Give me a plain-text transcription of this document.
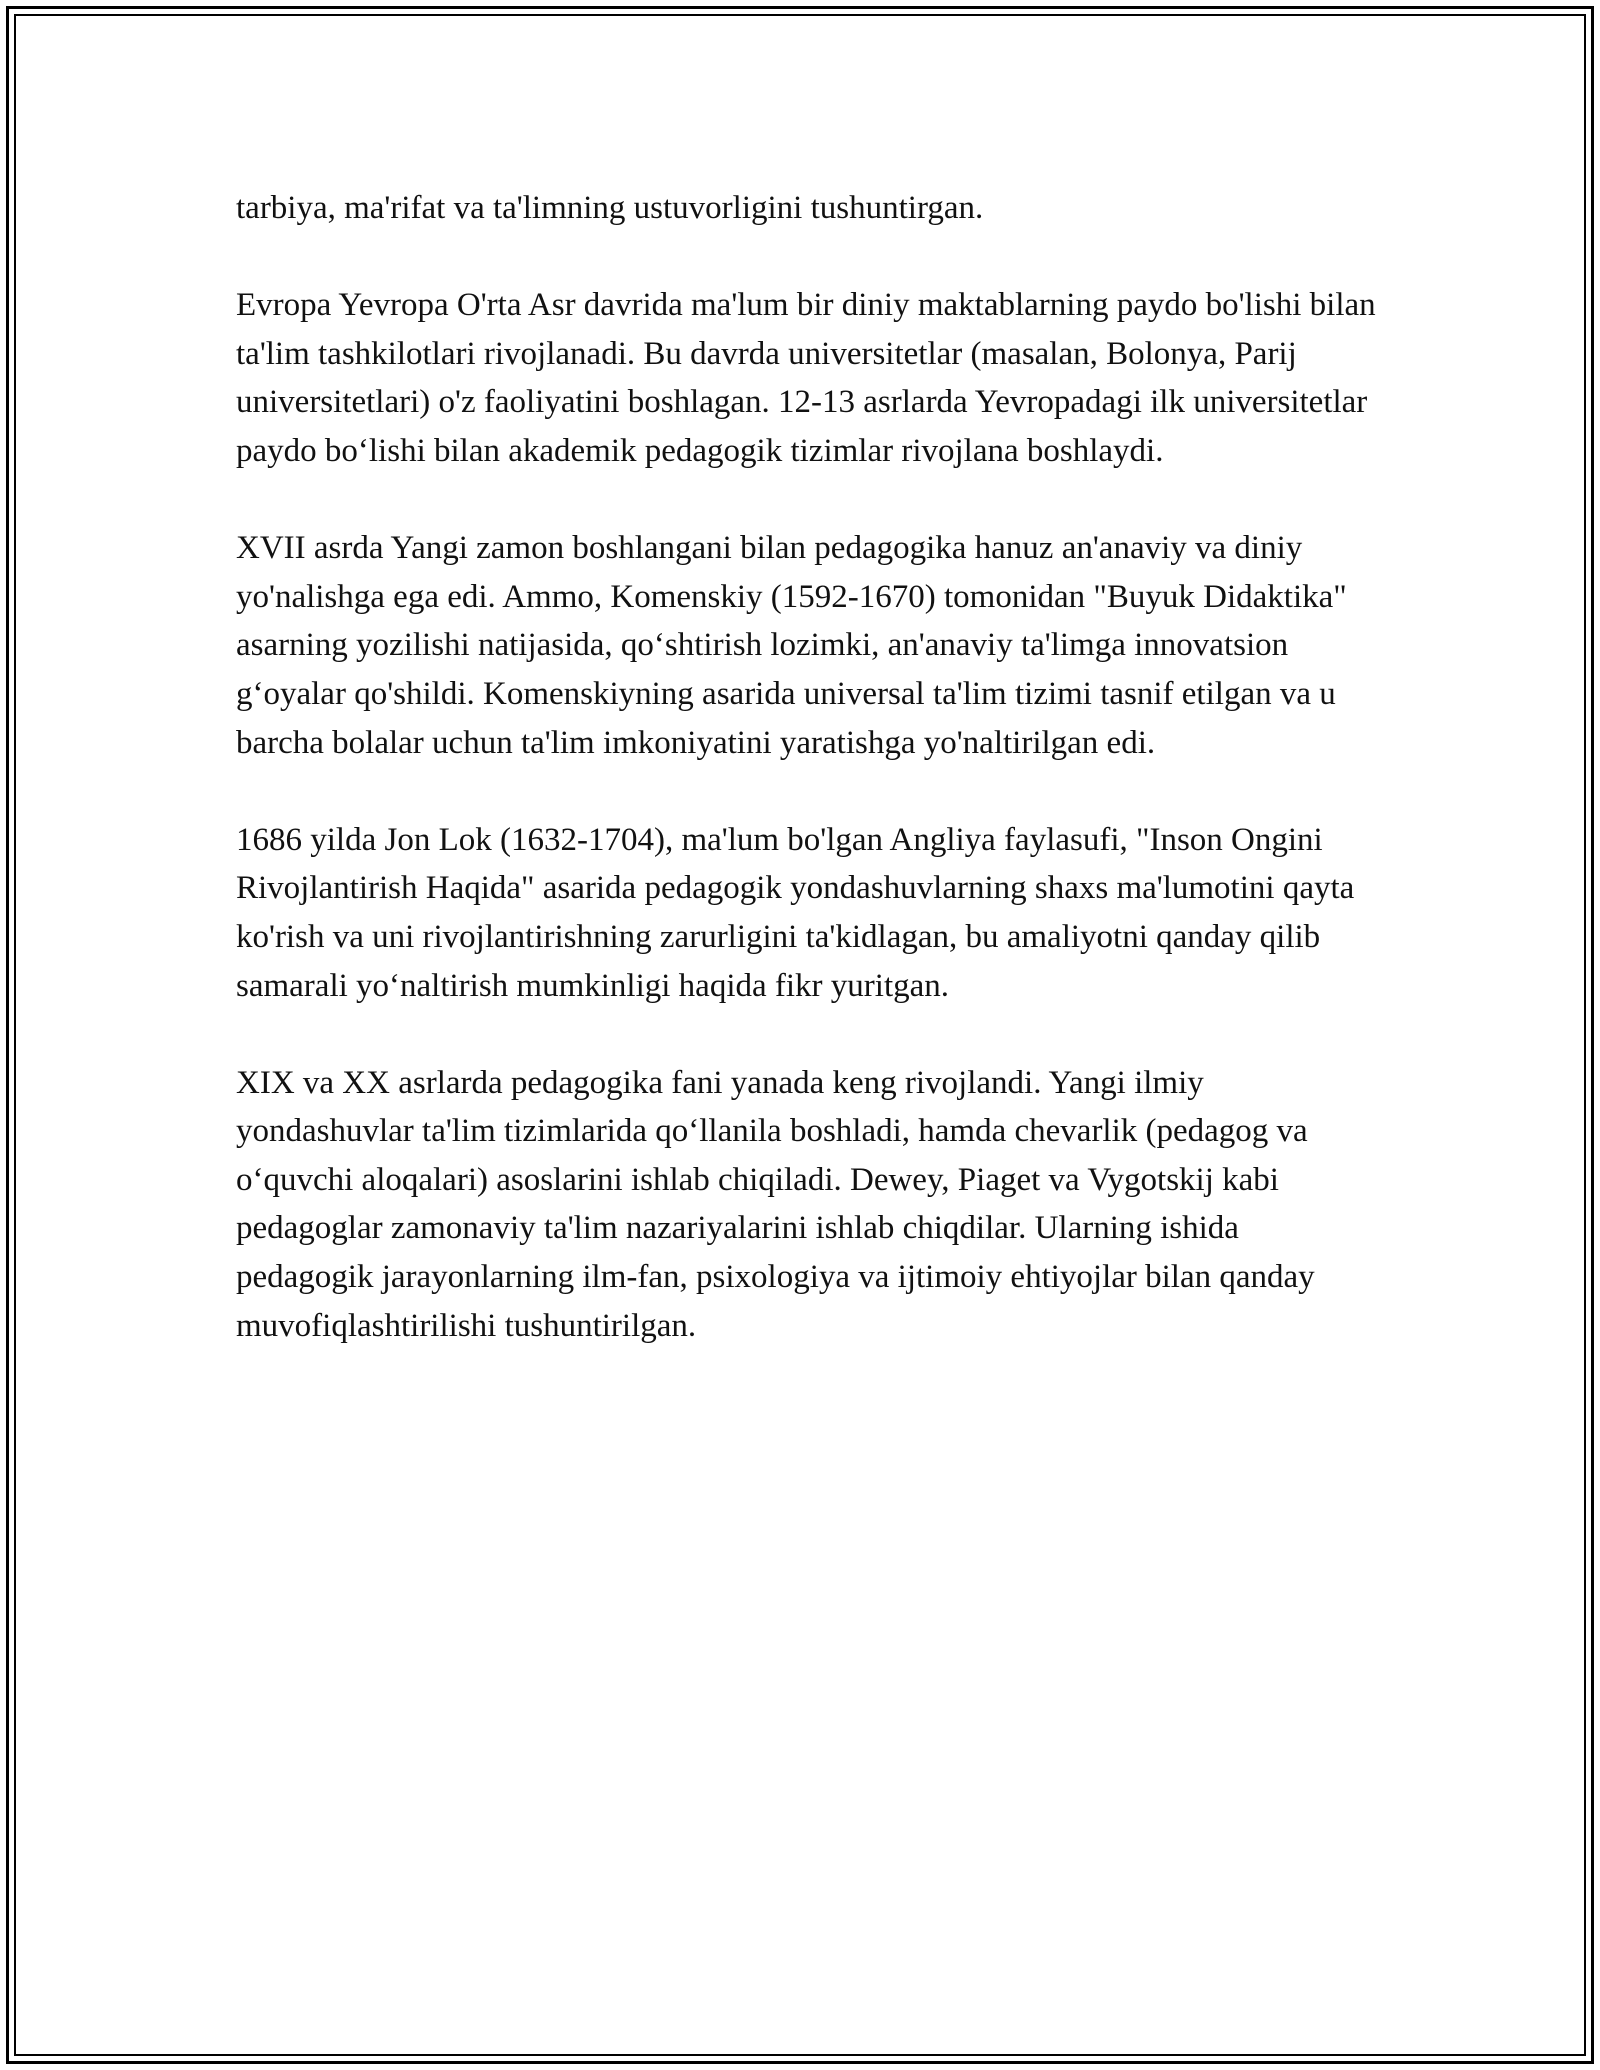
tarbiya, ma'rifat va ta'limning ustuvorligini tushuntirgan.

Evropa Yevropa O'rta Asr davrida ma'lum bir diniy maktablarning paydo bo'lishi bilan ta'lim tashkilotlari rivojlanadi. Bu davrda universitetlar (masalan, Bolonya, Parij universitetlari) o'z faoliyatini boshlagan. 12-13 asrlarda Yevropadagi ilk universitetlar paydo bo‘lishi bilan akademik pedagogik tizimlar rivojlana boshlaydi.

XVII asrda Yangi zamon boshlangani bilan pedagogika hanuz an'anaviy va diniy yo'nalishga ega edi. Ammo, Komenskiy (1592-1670) tomonidan "Buyuk Didaktika" asarning yozilishi natijasida, qo‘shtirish lozimki, an'anaviy ta'limga innovatsion g‘oyalar qo'shildi. Komenskiyning asarida universal ta'lim tizimi tasnif etilgan va u barcha bolalar uchun ta'lim imkoniyatini yaratishga yo'naltirilgan edi.

1686 yilda Jon Lok (1632-1704), ma'lum bo'lgan Angliya faylasufi, "Inson Ongini Rivojlantirish Haqida" asarida pedagogik yondashuvlarning shaxs ma'lumotini qayta ko'rish va uni rivojlantirishning zarurligini ta'kidlagan, bu amaliyotni qanday qilib samarali yo‘naltirish mumkinligi haqida fikr yuritgan.

XIX va XX asrlarda pedagogika fani yanada keng rivojlandi. Yangi ilmiy yondashuvlar ta'lim tizimlarida qo‘llanila boshladi, hamda chevarlik (pedagog va o‘quvchi aloqalari) asoslarini ishlab chiqiladi. Dewey, Piaget va Vygotskij kabi pedagoglar zamonaviy ta'lim nazariyalarini ishlab chiqdilar. Ularning ishida pedagogik jarayonlarning ilm-fan, psixologiya va ijtimoiy ehtiyojlar bilan qanday muvofiqlashtirilishi tushuntirilgan.
